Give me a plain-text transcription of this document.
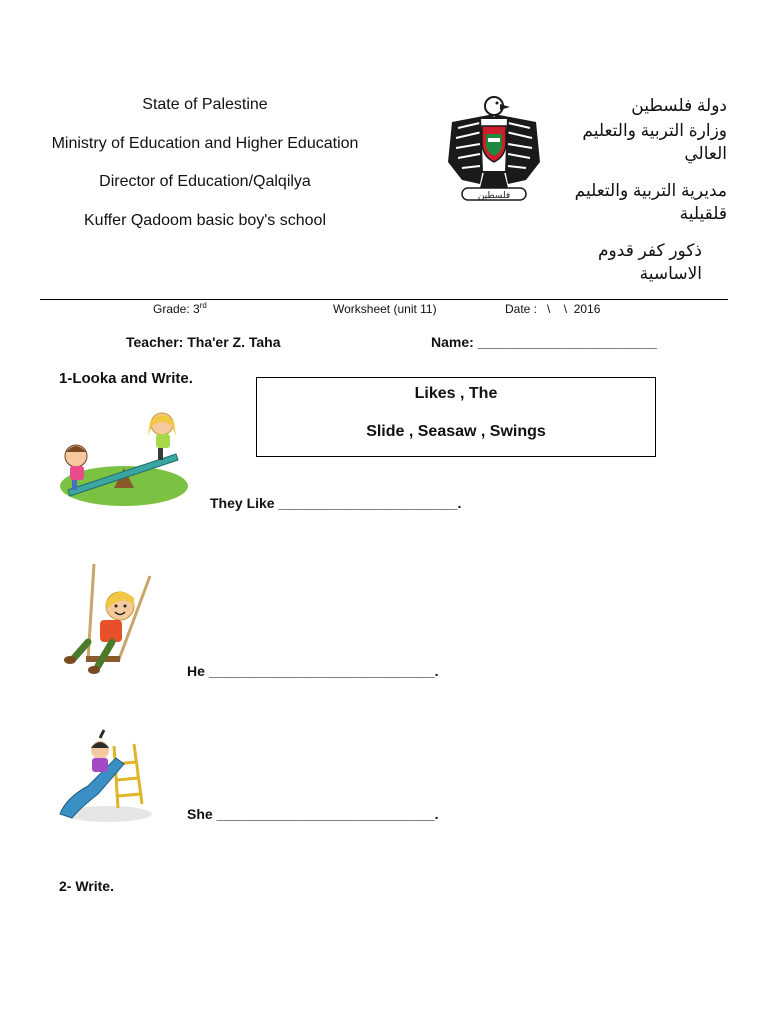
State of Palestine
Ministry of Education and Higher Education
Director of Education/Qalqilya
Kuffer Qadoom basic boy's school
فلسطين
دولة فلسطين
وزارة التربية والتعليم العالي
مديرية التربية والتعليم قلقيلية
ذكور كفر قدوم الاساسية
Grade: 3rd	Worksheet (unit 11)	Date :   \    \  2016
Teacher: Tha'er Z. Taha	Name: _______________________
1-Looka and Write.
Likes , The
Slide , Seasaw , Swings
They Like _______________________.
He _____________________________.
She ____________________________.
2- Write.
